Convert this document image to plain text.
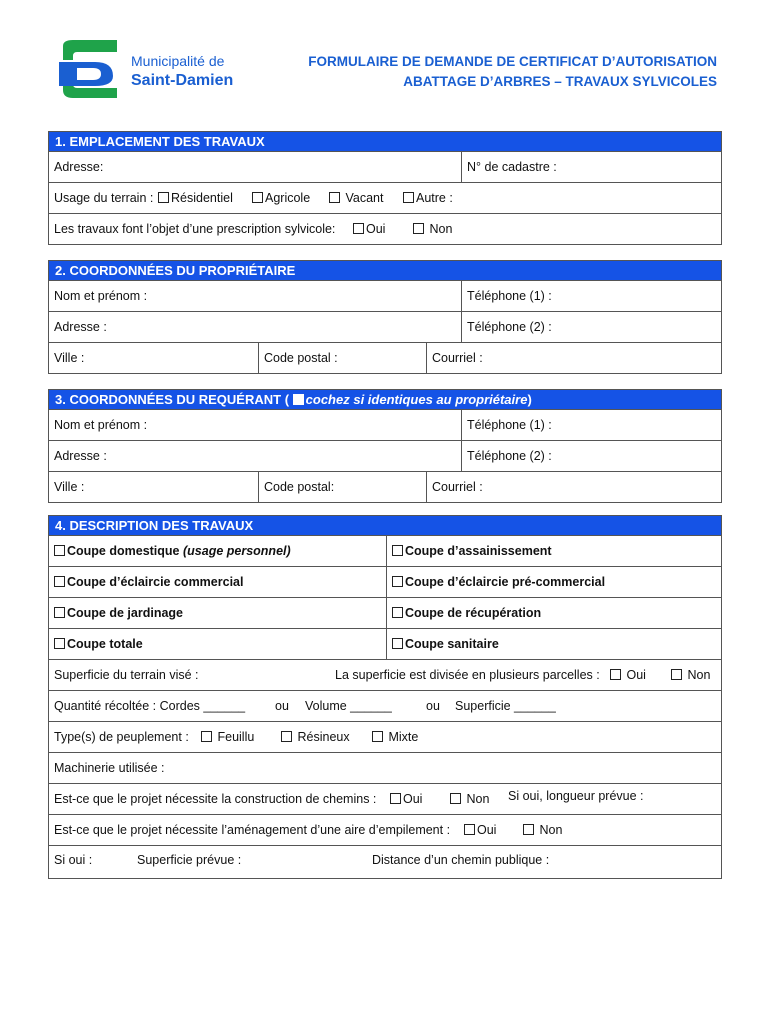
Municipalité de
Saint-Damien
FORMULAIRE DE DEMANDE DE CERTIFICAT D’AUTORISATION
ABATTAGE D’ARBRES – TRAVAUX SYLVICOLES
1. EMPLACEMENT DES TRAVAUX
Adresse:	N° de cadastre :
Usage du terrain :	Résidentiel	Agricole	Vacant	Autre :
Les travaux font l’objet d’une prescription sylvicole:	Oui	Non
2. COORDONNÉES DU PROPRIÉTAIRE
Nom et prénom :	Téléphone (1) :
Adresse :	Téléphone (2) :
Ville :	Code postal :	Courriel :
3. COORDONNÉES DU REQUÉRANT ( cochez si identiques au propriétaire)
Nom et prénom :	Téléphone (1) :
Adresse :	Téléphone (2) :
Ville :	Code postal:	Courriel :
4. DESCRIPTION DES TRAVAUX
Coupe domestique (usage personnel)	Coupe d’assainissement
Coupe d’éclaircie commercial	Coupe d’éclaircie pré-commercial
Coupe de jardinage	Coupe de récupération
Coupe totale	Coupe sanitaire
Superficie du terrain visé :	La superficie est divisée en plusieurs parcelles :	Oui	Non
Quantité récoltée : Cordes ______ ou Volume ______	ou Superficie ______
Type(s) de peuplement :	Feuillu	Résineux	Mixte
Machinerie utilisée :
Est-ce que le projet nécessite la construction de chemins :	Oui	Non Si oui, longueur prévue :
Est-ce que le projet nécessite l’aménagement d’une aire d’empilement :	Oui	Non
Si oui :	Superficie prévue :	Distance d’un chemin publique :
